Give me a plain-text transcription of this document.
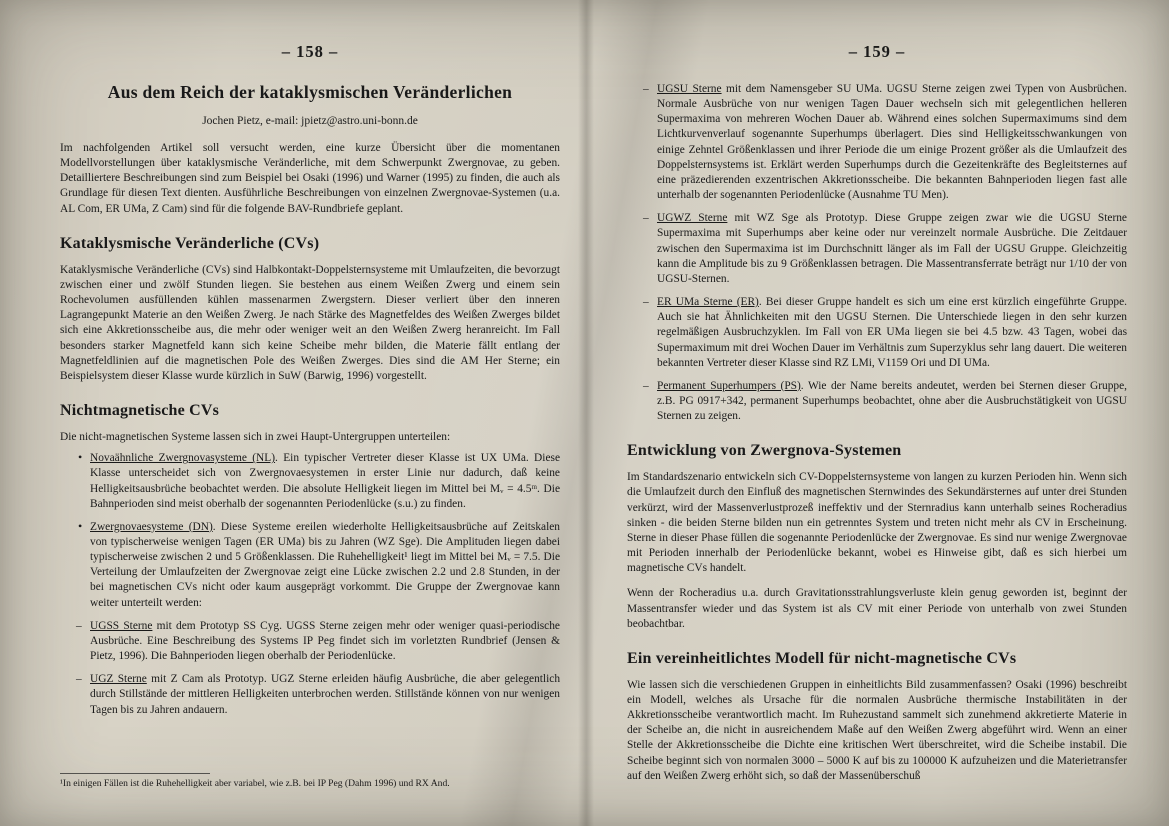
– 158 –
Aus dem Reich der kataklysmischen Veränderlichen

Jochen Pietz, e-mail: jpietz@astro.uni-bonn.de

Im nachfolgenden Artikel soll versucht werden, eine kurze Übersicht über die momentanen Modellvorstellungen über kataklysmische Veränderliche, mit dem Schwerpunkt Zwergnovae, zu geben. Detailliertere Beschreibungen sind zum Beispiel bei Osaki (1996) und Warner (1995) zu finden, die auch als Grundlage für diesen Text dienten. Ausführliche Beschreibungen von einzelnen Zwergnovae-Systemen (u.a. AL Com, ER UMa, Z Cam) sind für die folgende BAV-Rundbriefe geplant.

Kataklysmische Veränderliche (CVs)

Kataklysmische Veränderliche (CVs) sind Halbkontakt-Doppelsternsysteme mit Umlaufzeiten, die bevorzugt zwischen einer und zwölf Stunden liegen. Sie bestehen aus einem Weißen Zwerg und einem sein Rochevolumen ausfüllenden kühlen massenarmen Zwergstern. Dieser verliert über den inneren Lagrangepunkt Materie an den Weißen Zwerg. Je nach Stärke des Magnetfeldes des Weißen Zwerges bildet sich eine Akkretionsscheibe aus, die mehr oder weniger weit an den Weißen Zwerg heranreicht. Im Fall besonders starker Magnetfeld kann sich keine Scheibe mehr bilden, die Materie fällt entlang der Magnetfeldlinien auf die magnetischen Pole des Weißen Zwerges. Dies sind die AM Her Sterne; ein Beispielsystem dieser Klasse wurde kürzlich in SuW (Barwig, 1996) vorgestellt.

Nichtmagnetische CVs

Die nicht-magnetischen Systeme lassen sich in zwei Haupt-Untergruppen unterteilen:

• Novaähnliche Zwergnovasysteme (NL). Ein typischer Vertreter dieser Klasse ist UX UMa. Diese Klasse unterscheidet sich von Zwergnovaesystemen in erster Linie nur dadurch, daß keine Helligkeitsausbrüche beobachtet werden. Die absolute Helligkeit liegen im Mittel bei Mᵥ = 4.5ᵐ. Die Bahnperioden sind meist oberhalb der sogenannten Periodenlücke (s.u.) zu finden.
• Zwergnovaesysteme (DN). Diese Systeme ereilen wiederholte Helligkeitsausbrüche auf Zeitskalen von typischerweise wenigen Tagen (ER UMa) bis zu Jahren (WZ Sge). Die Amplituden liegen dabei typischerweise zwischen 2 und 5 Größenklassen. Die Ruhehelligkeit¹ liegt im Mittel bei Mᵥ = 7.5. Die Verteilung der Umlaufzeiten der Zwergnovae zeigt eine Lücke zwischen 2.2 und 2.8 Stunden, in der bei magnetischen CVs nicht oder kaum ausgeprägt vorkommt. Die Gruppe der Zwergnovae kann weiter unterteilt werden:
– UGSS Sterne mit dem Prototyp SS Cyg. UGSS Sterne zeigen mehr oder weniger quasi-periodische Ausbrüche. Eine Beschreibung des Systems IP Peg findet sich im vorletzten Rundbrief (Jensen & Pietz, 1996). Die Bahnperioden liegen oberhalb der Periodenlücke.
– UGZ Sterne mit Z Cam als Prototyp. UGZ Sterne erleiden häufig Ausbrüche, die aber gelegentlich durch Stillstände der mittleren Helligkeiten unterbrochen werden. Stillstände können von nur wenigen Tagen bis zu Jahren andauern.

¹In einigen Fällen ist die Ruhehelligkeit aber variabel, wie z.B. bei IP Peg (Dahm 1996) und RX And.

– 159 –
– UGSU Sterne mit dem Namensgeber SU UMa. UGSU Sterne zeigen zwei Typen von Ausbrüchen. Normale Ausbrüche von nur wenigen Tagen Dauer wechseln sich mit gelegentlichen helleren Supermaxima von mehreren Wochen Dauer ab. Während eines solchen Supermaximums sind dem Lichtkurvenverlauf sogenannte Superhumps überlagert. Dies sind Helligkeitsschwankungen von einige Zehntel Größenklassen und ihrer Periode die um einige Prozent größer als die Umlaufzeit des Doppelsternsystems ist. Erklärt werden Superhumps durch die Gezeitenkräfte des Begleitsternes auf eine präzedierenden exzentrischen Akkretionsscheibe. Die bekannten Bahnperioden liegen fast alle unterhalb der sogenannten Periodenlücke (Ausnahme TU Men).
– UGWZ Sterne mit WZ Sge als Prototyp. Diese Gruppe zeigen zwar wie die UGSU Sterne Supermaxima mit Superhumps aber keine oder nur vereinzelt normale Ausbrüche. Die Zeitdauer zwischen den Supermaxima ist im Durchschnitt länger als im Fall der UGSU Gruppe. Gleichzeitig kann die Amplitude bis zu 9 Größenklassen betragen. Die Massentransferrate beträgt nur 1/10 der von UGSU-Sternen.
– ER UMa Sterne (ER). Bei dieser Gruppe handelt es sich um eine erst kürzlich eingeführte Gruppe. Auch sie hat Ähnlichkeiten mit den UGSU Sternen. Die Unterschiede liegen in den sehr kurzen regelmäßigen Ausbruchzyklen. Im Fall von ER UMa liegen sie bei 4.5 bzw. 43 Tagen, wobei das Supermaximum mit drei Wochen Dauer im Verhältnis zum Superzyklus sehr lang dauert. Die weiteren bekannten Vertreter dieser Klasse sind RZ LMi, V1159 Ori und DI UMa.
– Permanent Superhumpers (PS). Wie der Name bereits andeutet, werden bei Sternen dieser Gruppe, z.B. PG 0917+342, permanent Superhumps beobachtet, ohne aber die Ausbruchstätigkeit von UGSU Sternen zu zeigen.
Entwicklung von Zwergnova-Systemen

Im Standardszenario entwickeln sich CV-Doppelsternsysteme von langen zu kurzen Perioden hin. Wenn sich die Umlaufzeit durch den Einfluß des magnetischen Sternwindes des Sekundärsternes auf unter drei Stunden verkürzt, wird der Massenverlustprozeß ineffektiv und der Sternradius kann unterhalb seines Rocheradius sinken - die beiden Sterne bilden nun ein getrenntes System und treten nicht mehr als CV in Erscheinung. Sterne in dieser Phase füllen die sogenannte Periodenlücke der Zwergnovae. Es sind nur wenige Zwergnovae mit Perioden innerhalb der Periodenlücke bekannt, wobei es Hinweise gibt, daß es sich hierbei um magnetische CVs handelt.

Wenn der Rocheradius u.a. durch Gravitationsstrahlungsverluste klein genug geworden ist, beginnt der Massentransfer wieder und das System ist als CV mit einer Periode von unterhalb von zwei Stunden beobachtbar.

Ein vereinheitlichtes Modell für nicht-magnetische CVs

Wie lassen sich die verschiedenen Gruppen in einheitlichts Bild zusammenfassen? Osaki (1996) beschreibt ein Modell, welches als Ursache für die normalen Ausbrüche thermische Instabilitäten in der Akkretionsscheibe verantwortlich macht. Im Ruhezustand sammelt sich zunehmend akkretierte Materie in der Scheibe an, die nicht in ausreichendem Maße auf den Weißen Zwerg abgeführt wird. Wenn an einer Stelle der Akkretionsscheibe die Dichte eine kritischen Wert überschreitet, wird die Scheibe instabil. Die Scheibe beginnt sich von normalen 3000 – 5000 K auf bis zu 100000 K aufzuheizen und die Materietransfer auf den Weißen Zwerg erhöht sich, so daß der Massenüberschuß
